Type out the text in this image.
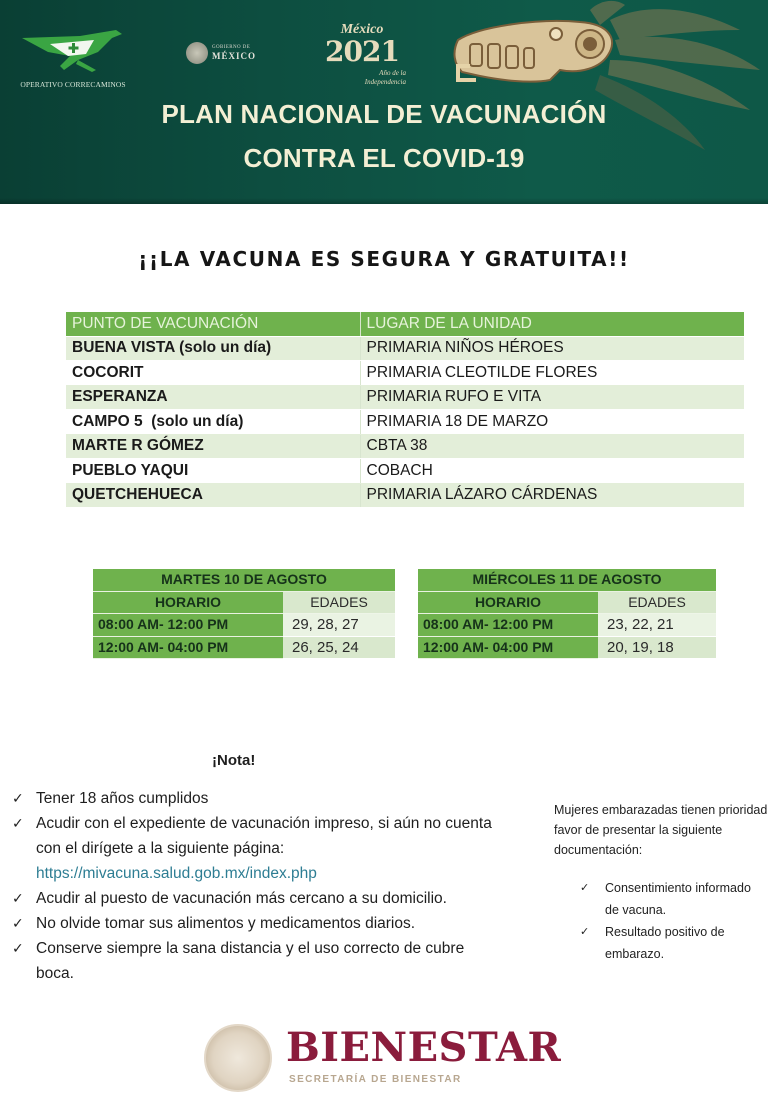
OPERATIVO CORRECAMINOS
GOBIERNO DE
MÉXICO
México
2021
Año de la
Independencia
PLAN NACIONAL DE VACUNACIÓN
CONTRA EL COVID-19
¡¡LA VACUNA ES SEGURA Y GRATUITA!!
PUNTO DE VACUNACIÓN	LUGAR DE LA UNIDAD
BUENA VISTA (solo un día)	PRIMARIA NIÑOS HÉROES
COCORIT	PRIMARIA CLEOTILDE FLORES
ESPERANZA	PRIMARIA RUFO E VITA
CAMPO 5  (solo un día)	PRIMARIA 18 DE MARZO
MARTE R GÓMEZ	CBTA 38
PUEBLO YAQUI	COBACH
QUETCHEHUECA	PRIMARIA LÁZARO CÁRDENAS
MARTES 10 DE AGOSTO	
HORARIO	EDADES
08:00 AM- 12:00 PM	29, 28, 27
12:00 AM- 04:00 PM	26, 25, 24
MIÉRCOLES 11 DE AGOSTO	
HORARIO	EDADES
08:00 AM- 12:00 PM	23, 22, 21
12:00 AM- 04:00 PM	20, 19, 18
¡Nota!
✓ Tener 18 años cumplidos
✓ Acudir con el expediente de vacunación impreso, si aún no cuenta con el dirígete a la siguiente página:
https://mivacuna.salud.gob.mx/index.php
✓ Acudir al puesto de vacunación más cercano a su domicilio.
✓ No olvide tomar sus alimentos y medicamentos diarios.
✓ Conserve siempre la sana distancia y el uso correcto de cubre boca.
Mujeres embarazadas tienen prioridad favor de presentar la siguiente documentación:
✓ Consentimiento informado  de vacuna.
✓ Resultado positivo de embarazo.
BIENESTAR
SECRETARÍA DE BIENESTAR
